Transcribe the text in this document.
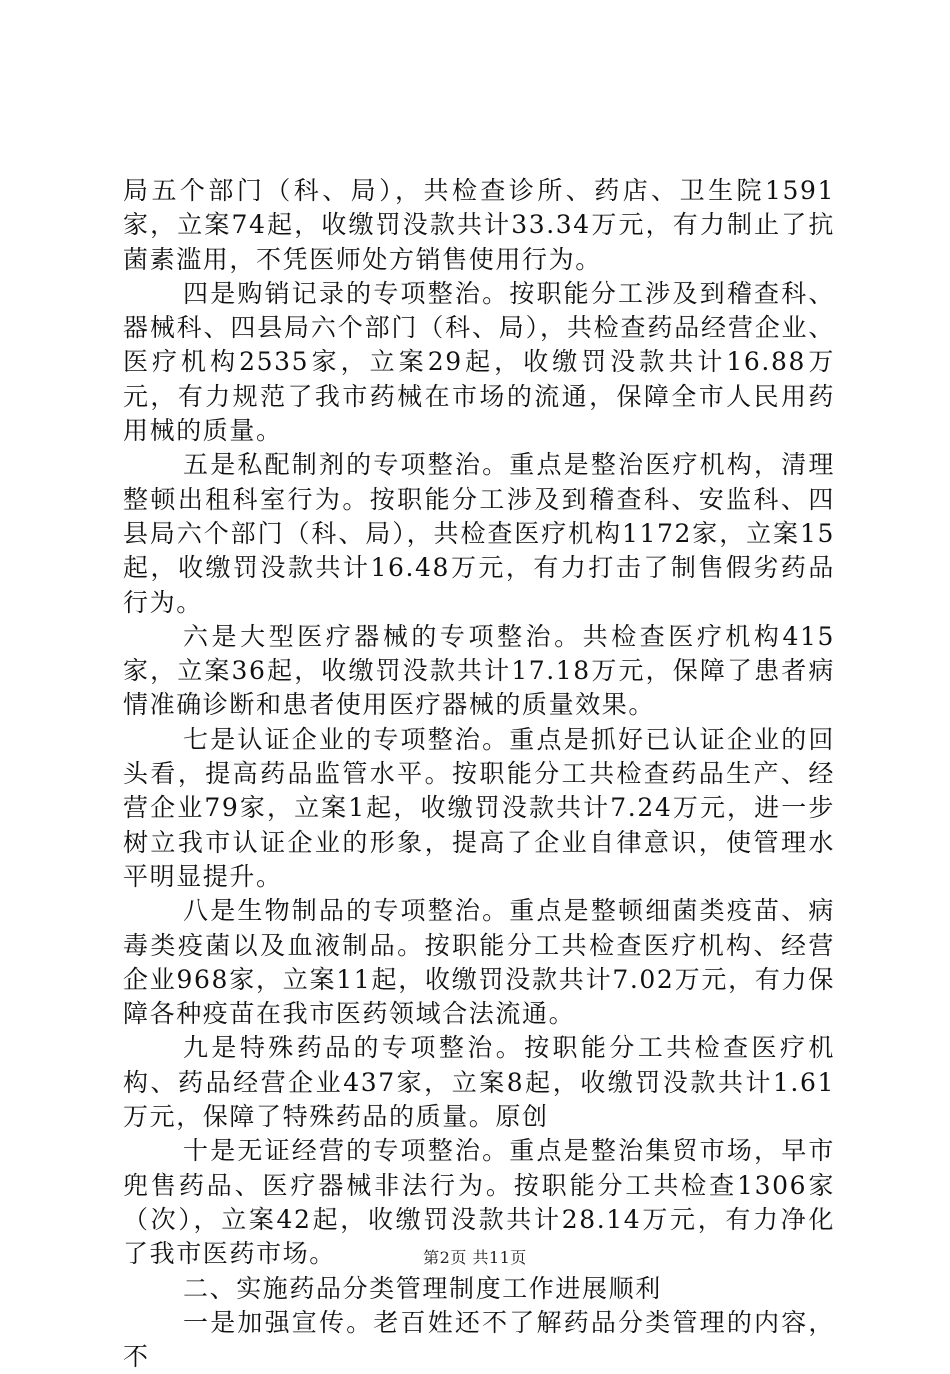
局五个部门（科、局），共检查诊所、药店、卫生院1591家，立案74起，收缴罚没款共计33.34万元，有力制止了抗菌素滥用，不凭医师处方销售使用行为。

四是购销记录的专项整治。按职能分工涉及到稽查科、器械科、四县局六个部门（科、局），共检查药品经营企业、医疗机构2535家，立案29起，收缴罚没款共计16.88万元，有力规范了我市药械在市场的流通，保障全市人民用药用械的质量。

五是私配制剂的专项整治。重点是整治医疗机构，清理整顿出租科室行为。按职能分工涉及到稽查科、安监科、四县局六个部门（科、局），共检查医疗机构1172家，立案15起，收缴罚没款共计16.48万元，有力打击了制售假劣药品行为。

六是大型医疗器械的专项整治。共检查医疗机构415家，立案36起，收缴罚没款共计17.18万元，保障了患者病情准确诊断和患者使用医疗器械的质量效果。

七是认证企业的专项整治。重点是抓好已认证企业的回头看，提高药品监管水平。按职能分工共检查药品生产、经营企业79家，立案1起，收缴罚没款共计7.24万元，进一步树立我市认证企业的形象，提高了企业自律意识，使管理水平明显提升。

八是生物制品的专项整治。重点是整顿细菌类疫苗、病毒类疫菌以及血液制品。按职能分工共检查医疗机构、经营企业968家，立案11起，收缴罚没款共计7.02万元，有力保障各种疫苗在我市医药领域合法流通。

九是特殊药品的专项整治。按职能分工共检查医疗机构、药品经营企业437家，立案8起，收缴罚没款共计1.61万元，保障了特殊药品的质量。原创

十是无证经营的专项整治。重点是整治集贸市场，早市兜售药品、医疗器械非法行为。按职能分工共检查1306家（次），立案42起，收缴罚没款共计28.14万元，有力净化了我市医药市场。

二、实施药品分类管理制度工作进展顺利

一是加强宣传。老百姓还不了解药品分类管理的内容，不

第2页 共11页
